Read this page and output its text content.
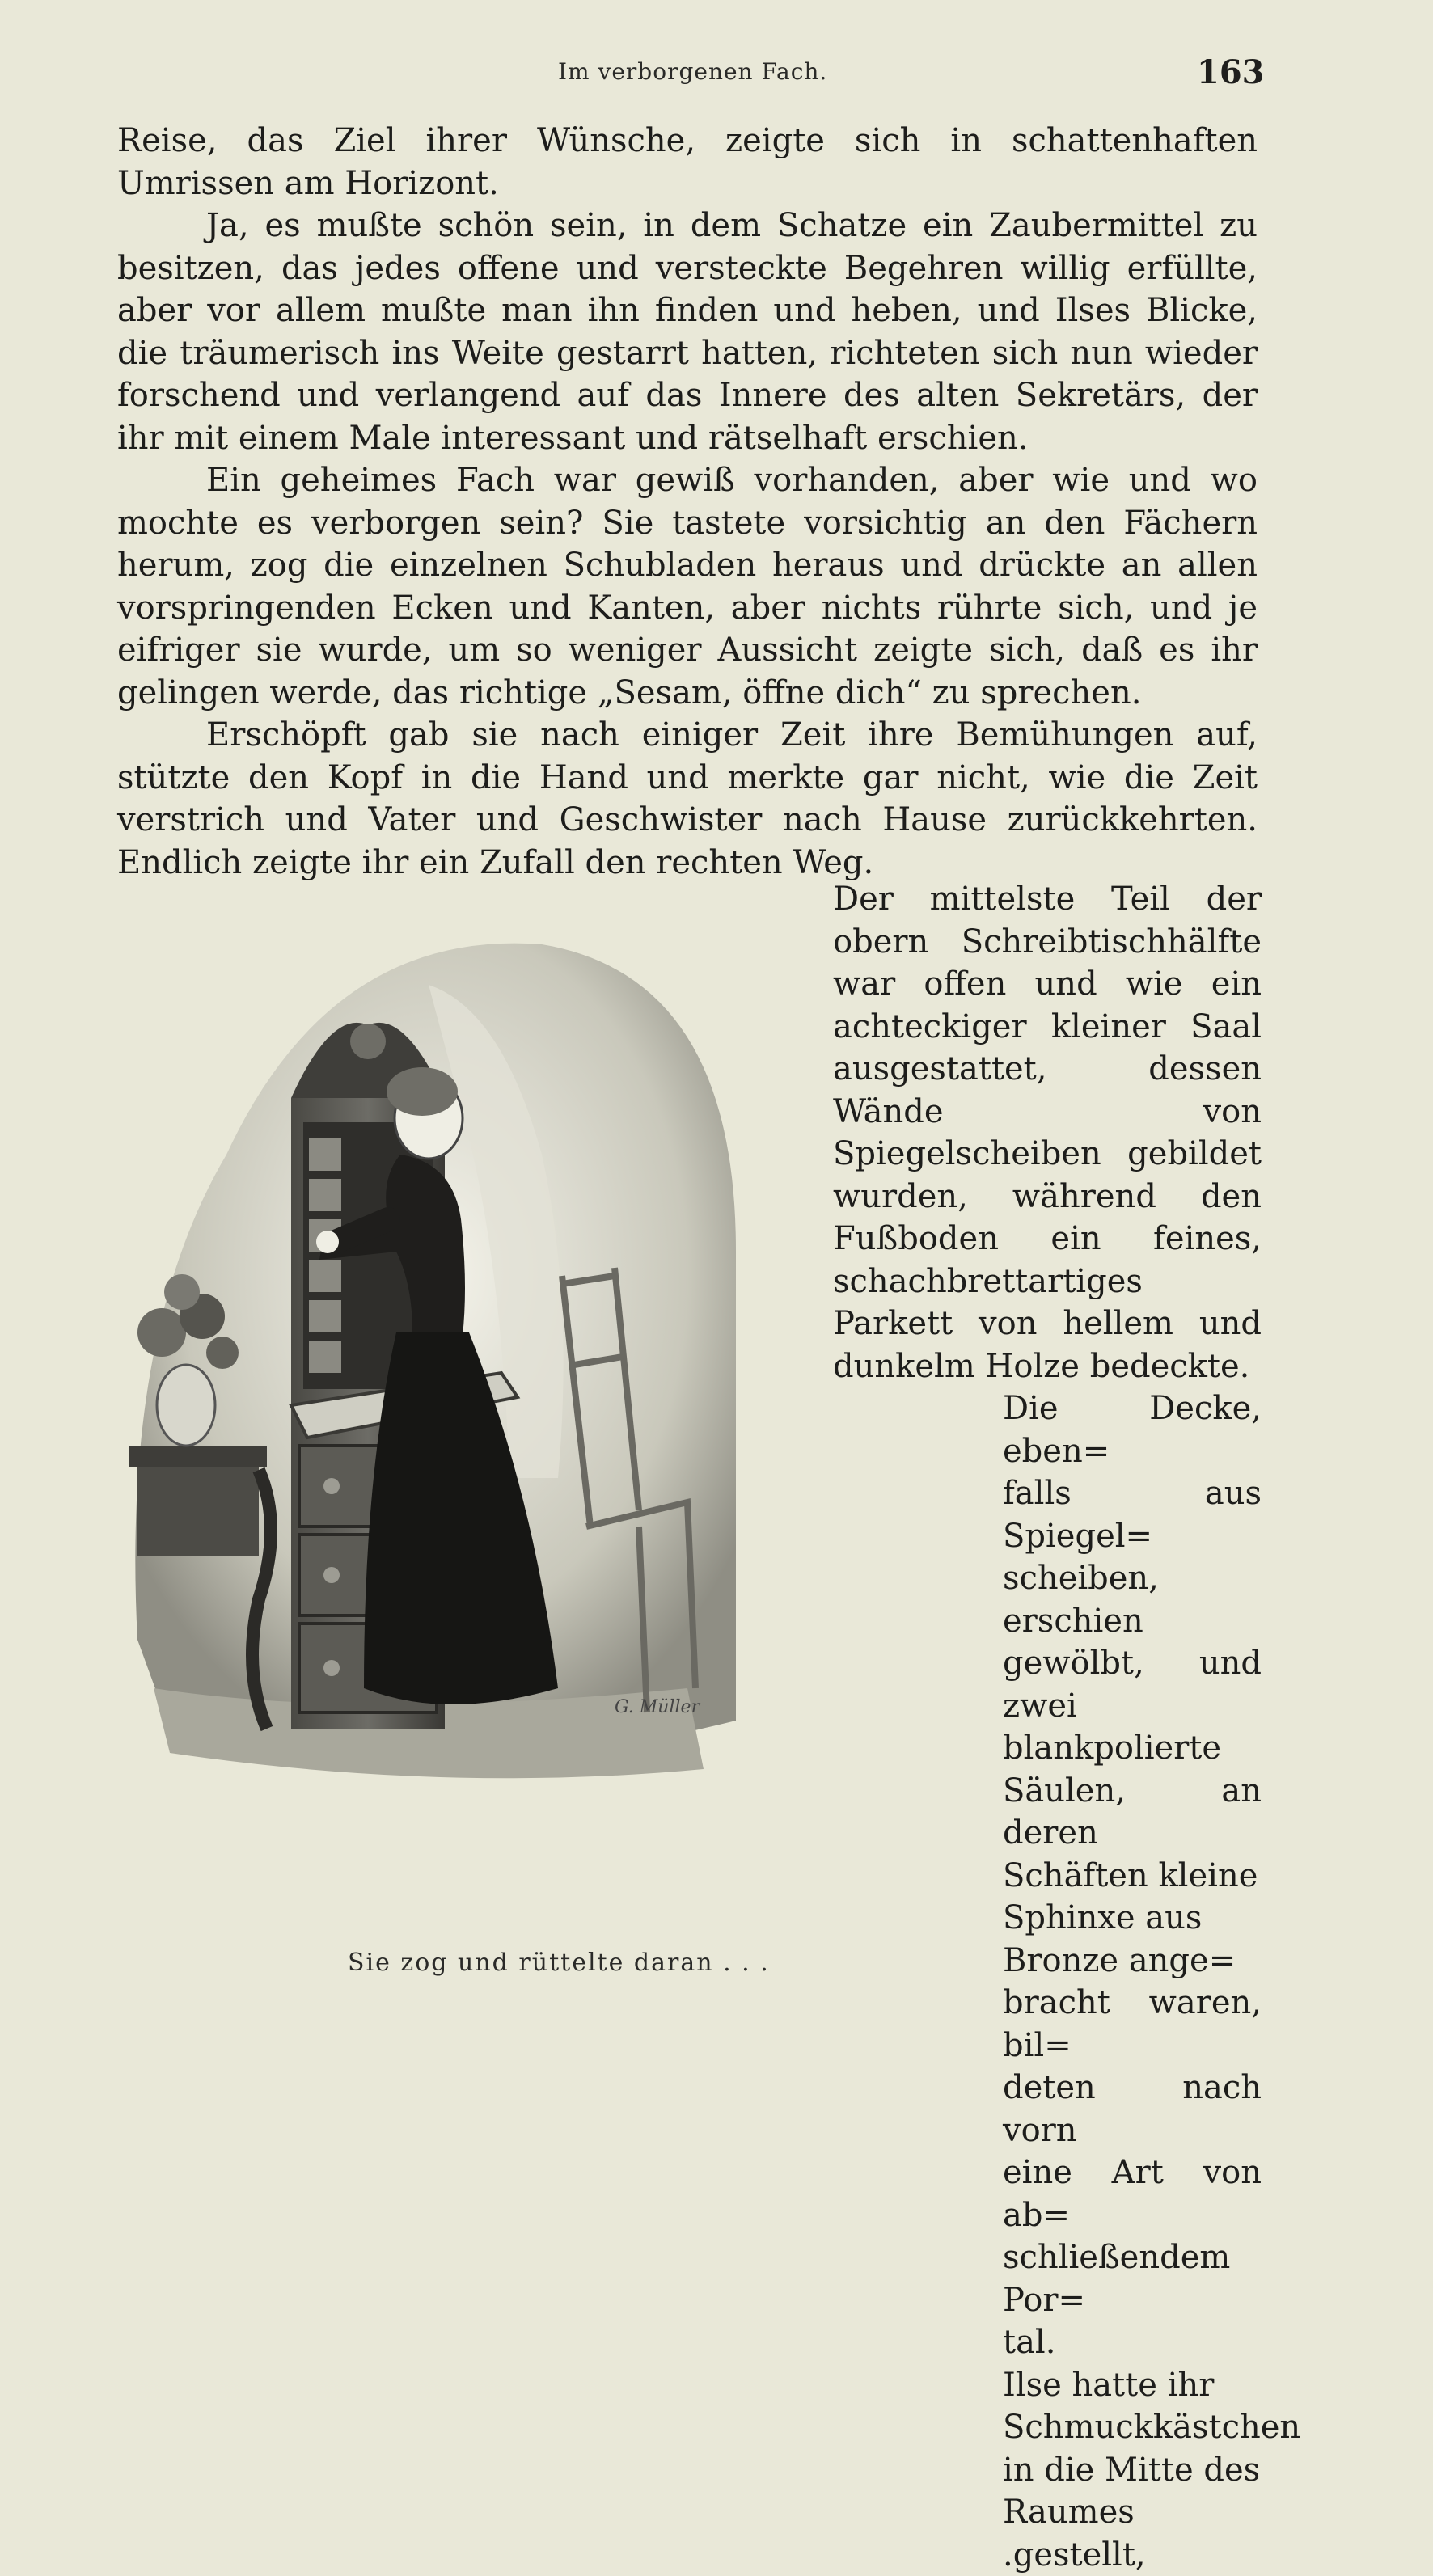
Im verborgenen Fach.	163

Reise, das Ziel ihrer Wünsche, zeigte sich in schattenhaften Umrissen am Horizont.

Ja, es mußte schön sein, in dem Schatze ein Zaubermittel zu besitzen, das jedes offene und versteckte Begehren willig erfüllte, aber vor allem mußte man ihn finden und heben, und Ilses Blicke, die träumerisch ins Weite gestarrt hatten, richteten sich nun wieder forschend und verlangend auf das Innere des alten Sekretärs, der ihr mit einem Male interessant und rätselhaft erschien.

Ein geheimes Fach war gewiß vorhanden, aber wie und wo mochte es verborgen sein? Sie tastete vorsichtig an den Fächern herum, zog die einzelnen Schubladen heraus und drückte an allen vorspringenden Ecken und Kanten, aber nichts rührte sich, und je eifriger sie wurde, um so weniger Aussicht zeigte sich, daß es ihr gelingen werde, das richtige „Sesam, öffne dich“ zu sprechen.

Erschöpft gab sie nach einiger Zeit ihre Bemühungen auf, stützte den Kopf in die Hand und merkte gar nicht, wie die Zeit verstrich und Vater und Geschwister nach Hause zurückkehrten. Endlich zeigte ihr ein Zufall den rechten Weg.

Der mittelste Teil der obern Schreibtischhälfte war offen und wie ein achteckiger kleiner Saal ausgestattet, dessen Wände von Spiegelscheiben gebildet wurden, während den Fußboden ein feines, schachbrettartiges Parkett von hellem und dunkelm Holze bedeckte.

Die Decke, eben=
falls aus Spiegel=
scheiben, erschien
gewölbt, und zwei
blankpolierte
Säulen, an deren
Schäften kleine
Sphinxe aus
Bronze ange=
bracht waren, bil=
deten nach vorn
eine Art von ab=
schließendem Por=
tal.
Ilse hatte ihr
Schmuckkästchen
in die Mitte des
Raumes .gestellt,

G. Müller
Sie zog und rüttelte daran . . .
